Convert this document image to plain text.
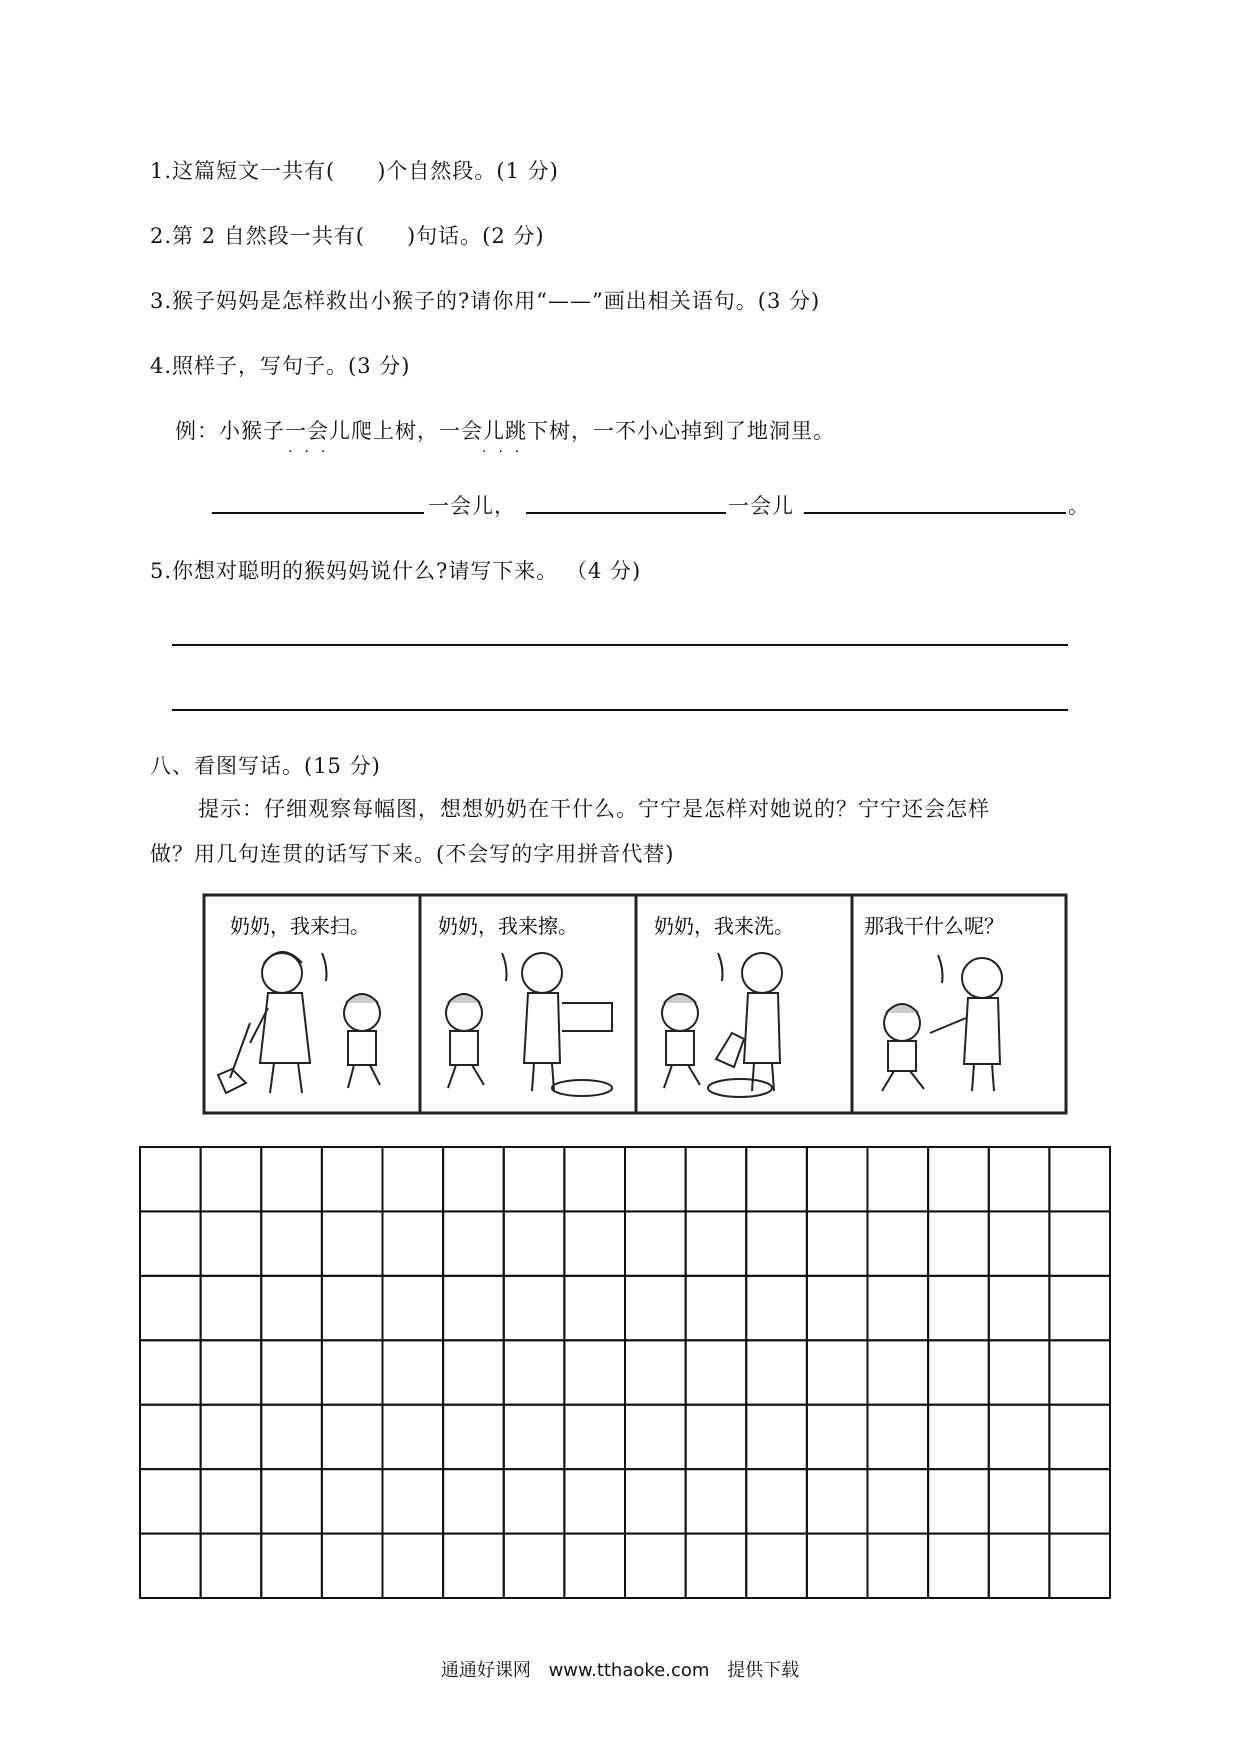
1.这篇短文一共有( )个自然段。(1 分)
2.第 2 自然段一共有( )句话。(2 分)
3.猴子妈妈是怎样救出小猴子的?请你用“——”画出相关语句。(3 分)
4.照样子，写句子。(3 分)
例：小猴子一会儿爬上树，一会儿跳下树，一不小心掉到了地洞里。
···	···
一会儿，	一会儿	。
5.你想对聪明的猴妈妈说什么?请写下来。 （4 分)
八、看图写话。(15 分)
提示：仔细观察每幅图，想想奶奶在干什么。宁宁是怎样对她说的？宁宁还会怎样
做？用几句连贯的话写下来。(不会写的字用拼音代替)
奶奶，我来扫。	奶奶，我来擦。	奶奶，我来洗。	那我干什么呢？
通通好课网 www.tthaoke.com 提供下载
